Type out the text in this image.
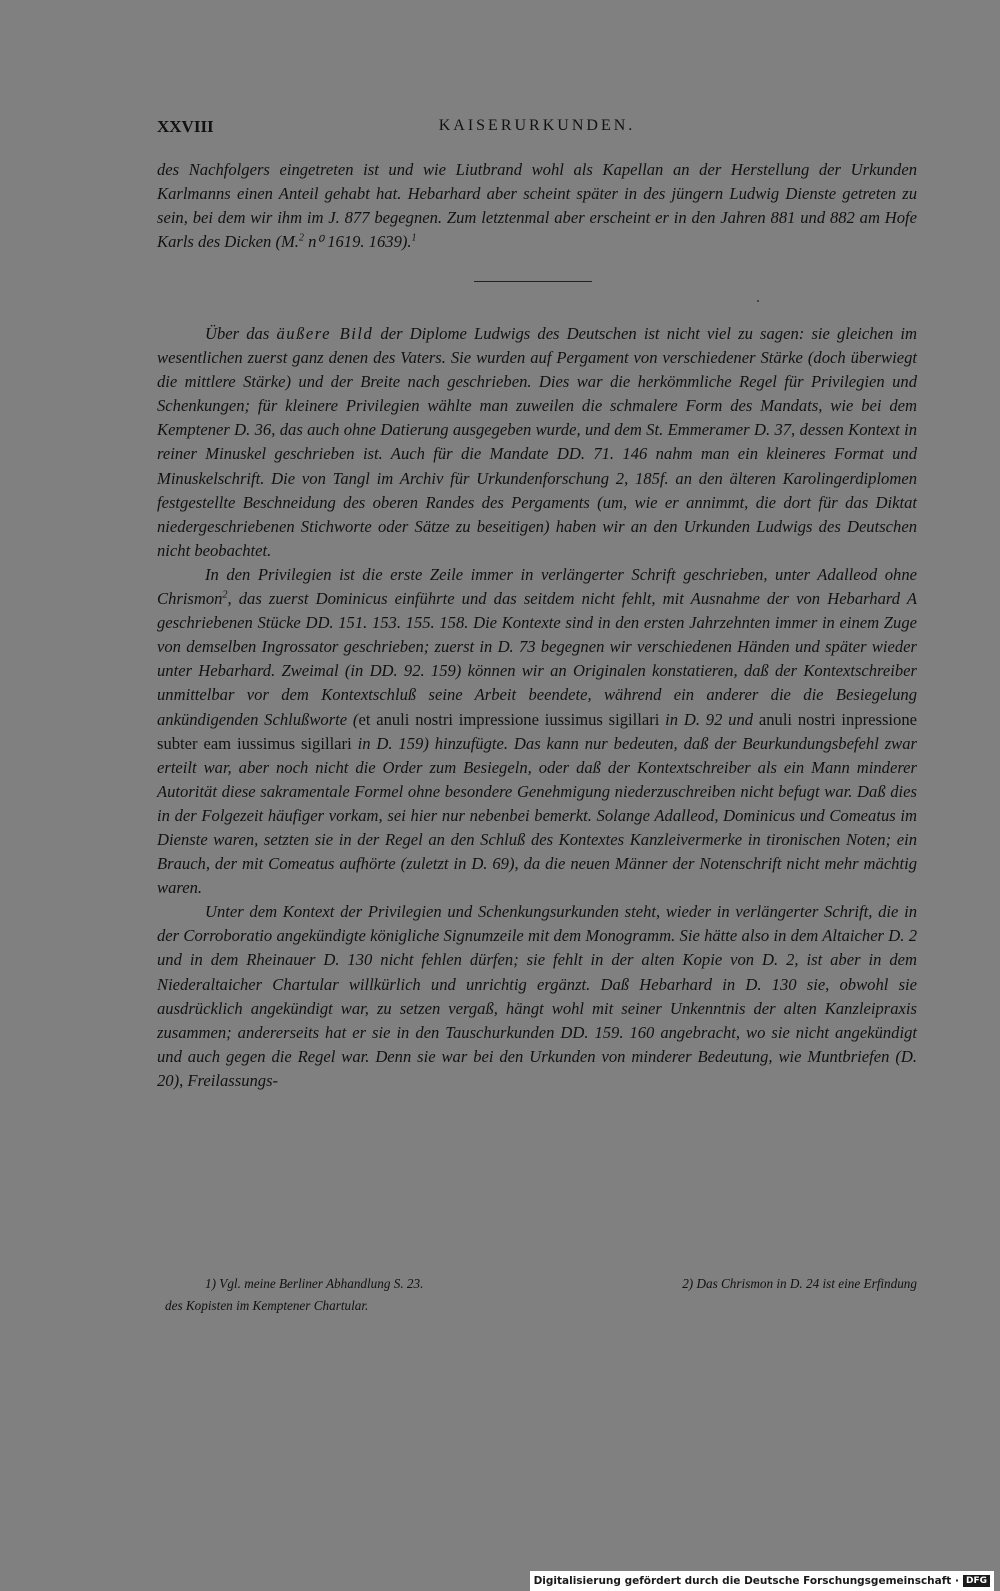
XXVIII	KAISERURKUNDEN.

des Nachfolgers eingetreten ist und wie Liutbrand wohl als Kapellan an der Herstellung der Urkunden Karlmanns einen Anteil gehabt hat. Hebarhard aber scheint später in des jüngern Ludwig Dienste getreten zu sein, bei dem wir ihm im J. 877 begegnen. Zum letztenmal aber erscheint er in den Jahren 881 und 882 am Hofe Karls des Dicken (M.$^2$ n⁰ 1619. 1639).$^1$

Über das äußere Bild der Diplome Ludwigs des Deutschen ist nicht viel zu sagen: sie gleichen im wesentlichen zuerst ganz denen des Vaters. Sie wurden auf Pergament von verschiedener Stärke (doch überwiegt die mittlere Stärke) und der Breite nach geschrieben. Dies war die herkömmliche Regel für Privilegien und Schenkungen; für kleinere Privilegien wählte man zuweilen die schmalere Form des Mandats, wie bei dem Kemptener D. 36, das auch ohne Datierung ausgegeben wurde, und dem St. Emmeramer D. 37, dessen Kontext in reiner Minuskel geschrieben ist. Auch für die Mandate DD. 71. 146 nahm man ein kleineres Format und Minuskelschrift. Die von Tangl im Archiv für Urkundenforschung 2, 185f. an den älteren Karolingerdiplomen festgestellte Beschneidung des oberen Randes des Pergaments (um, wie er annimmt, die dort für das Diktat niedergeschriebenen Stichworte oder Sätze zu beseitigen) haben wir an den Urkunden Ludwigs des Deutschen nicht beobachtet.

In den Privilegien ist die erste Zeile immer in verlängerter Schrift geschrieben, unter Adalleod ohne Chrismon$^2$, das zuerst Dominicus einführte und das seitdem nicht fehlt, mit Ausnahme der von Hebarhard A geschriebenen Stücke DD. 151. 153. 155. 158. Die Kontexte sind in den ersten Jahrzehnten immer in einem Zuge von demselben Ingrossator geschrieben; zuerst in D. 73 begegnen wir verschiedenen Händen und später wieder unter Hebarhard. Zweimal (in DD. 92. 159) können wir an Originalen konstatieren, daß der Kontextschreiber unmittelbar vor dem Kontextschluß seine Arbeit beendete, während ein anderer die die Besiegelung ankündigenden Schlußworte (et anuli nostri impressione iussimus sigillari in D. 92 und anuli nostri inpressione subter eam iussimus sigillari in D. 159) hinzufügte. Das kann nur bedeuten, daß der Beurkundungsbefehl zwar erteilt war, aber noch nicht die Order zum Besiegeln, oder daß der Kontextschreiber als ein Mann minderer Autorität diese sakramentale Formel ohne besondere Genehmigung niederzuschreiben nicht befugt war. Daß dies in der Folgezeit häufiger vorkam, sei hier nur nebenbei bemerkt. Solange Adalleod, Dominicus und Comeatus im Dienste waren, setzten sie in der Regel an den Schluß des Kontextes Kanzleivermerke in tironischen Noten; ein Brauch, der mit Comeatus aufhörte (zuletzt in D. 69), da die neuen Männer der Notenschrift nicht mehr mächtig waren.

Unter dem Kontext der Privilegien und Schenkungsurkunden steht, wieder in verlängerter Schrift, die in der Corroboratio angekündigte königliche Signumzeile mit dem Monogramm. Sie hätte also in dem Altaicher D. 2 und in dem Rheinauer D. 130 nicht fehlen dürfen; sie fehlt in der alten Kopie von D. 2, ist aber in dem Niederaltaicher Chartular willkürlich und unrichtig ergänzt. Daß Hebarhard in D. 130 sie, obwohl sie ausdrücklich angekündigt war, zu setzen vergaß, hängt wohl mit seiner Unkenntnis der alten Kanzleipraxis zusammen; andererseits hat er sie in den Tauschurkunden DD. 159. 160 angebracht, wo sie nicht angekündigt und auch gegen die Regel war. Denn sie war bei den Urkunden von minderer Bedeutung, wie Muntbriefen (D. 20), Freilassungs-

1) Vgl. meine Berliner Abhandlung S. 23.	2) Das Chrismon in D. 24 ist eine Erfindung
des Kopisten im Kemptener Chartular.
Digitalisierung gefördert durch die Deutsche Forschungsgemeinschaft · DFG
